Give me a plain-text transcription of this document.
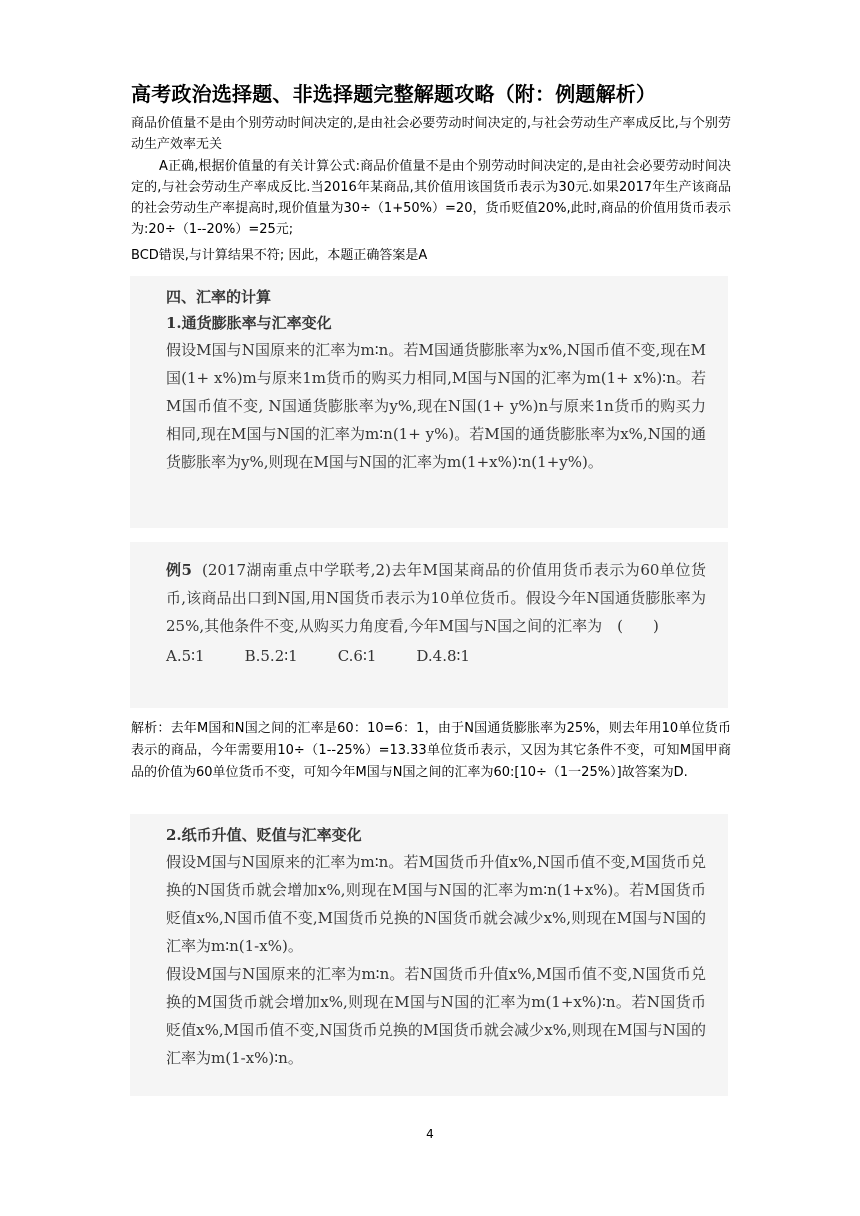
高考政治选择题、非选择题完整解题攻略（附：例题解析）

商品价值量不是由个别劳动时间决定的,是由社会必要劳动时间决定的,与社会劳动生产率成反比,与个别劳动生产效率无关

A正确,根据价值量的有关计算公式:商品价值量不是由个别劳动时间决定的,是由社会必要劳动时间决定的,与社会劳动生产率成反比.当2016年某商品,其价值用该国货币表示为30元.如果2017年生产该商品的社会劳动生产率提高时,现价值量为30÷（1+50%）=20，货币贬值20%,此时,商品的价值用货币表示为:20÷（1--20%）=25元;

BCD错误,与计算结果不符; 因此，本题正确答案是A

四、汇率的计算
1.通货膨胀率与汇率变化
假设M国与N国原来的汇率为m∶n。若M国通货膨胀率为x%,N国币值不变,现在M国(1+ x%)m与原来1m货币的购买力相同,M国与N国的汇率为m(1+ x%)∶n。若M国币值不变, N国通货膨胀率为y%,现在N国(1+ y%)n与原来1n货币的购买力相同,现在M国与N国的汇率为m∶n(1+ y%)。若M国的通货膨胀率为x%,N国的通货膨胀率为y%,则现在M国与N国的汇率为m(1+x%)∶n(1+y%)。
例5 (2017湖南重点中学联考,2)去年M国某商品的价值用货币表示为60单位货币,该商品出口到N国,用N国货币表示为10单位货币。假设今年N国通货膨胀率为25%,其他条件不变,从购买力角度看,今年M国与N国之间的汇率为　(　　)
A.5∶1	B.5.2∶1	C.6∶1	D.4.8∶1

解析：去年M国和N国之间的汇率是60：10=6：1，由于N国通货膨胀率为25%，则去年用10单位货币表示的商品，今年需要用10÷（1--25%）=13.33单位货币表示，又因为其它条件不变，可知M国甲商品的价值为60单位货币不变，可知今年M国与N国之间的汇率为60:[10÷（1一25%）]故答案为D.

2.纸币升值、贬值与汇率变化
假设M国与N国原来的汇率为m∶n。若M国货币升值x%,N国币值不变,M国货币兑换的N国货币就会增加x%,则现在M国与N国的汇率为m∶n(1+x%)。若M国货币贬值x%,N国币值不变,M国货币兑换的N国货币就会减少x%,则现在M国与N国的汇率为m∶n(1-x%)。
假设M国与N国原来的汇率为m∶n。若N国货币升值x%,M国币值不变,N国货币兑换的M国货币就会增加x%,则现在M国与N国的汇率为m(1+x%)∶n。若N国货币贬值x%,M国币值不变,N国货币兑换的M国货币就会减少x%,则现在M国与N国的汇率为m(1-x%)∶n。
4
